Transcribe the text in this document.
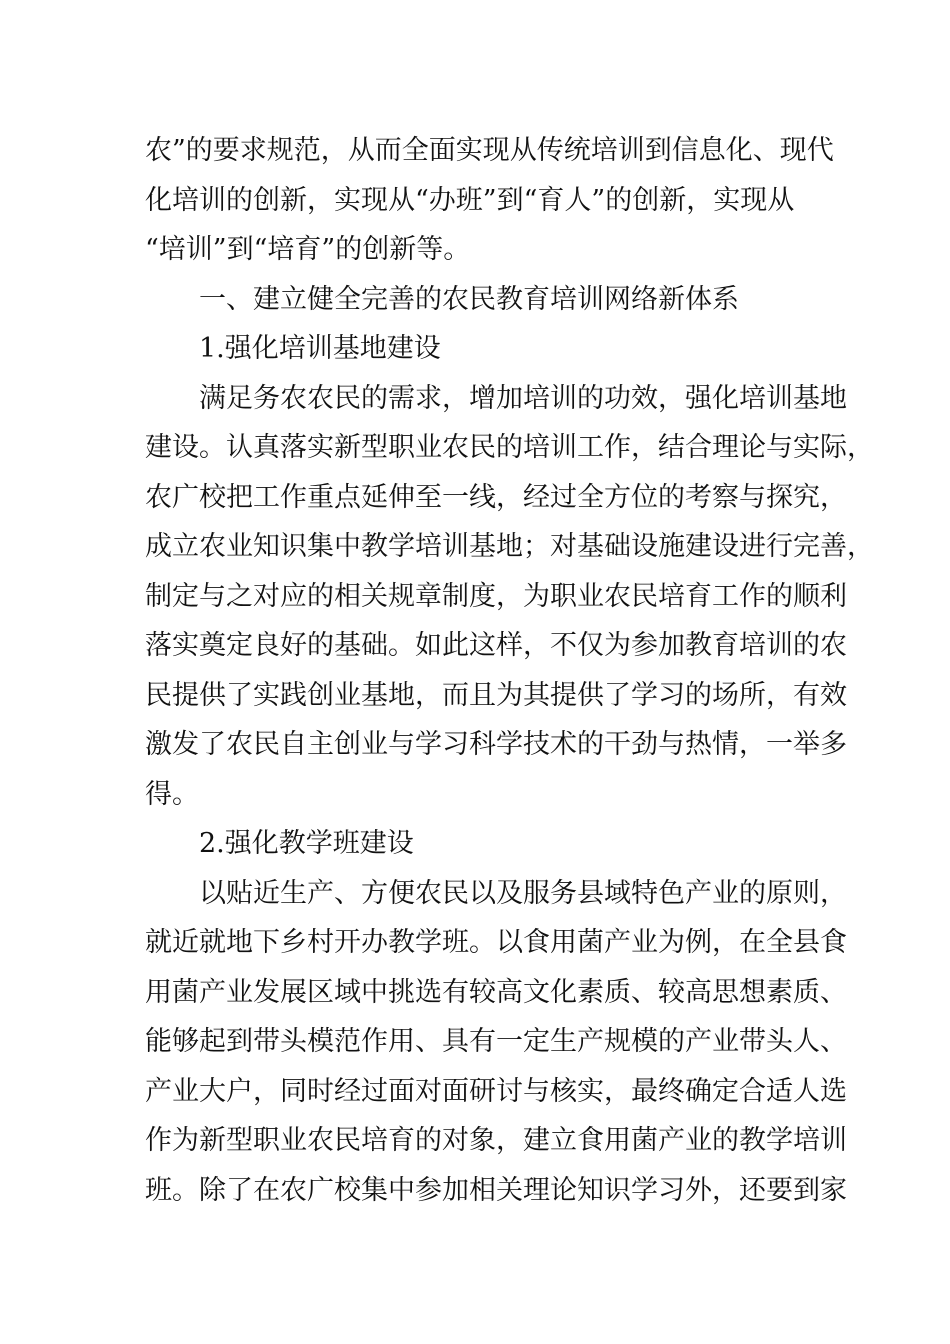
农”的要求规范，从而全面实现从传统培训到信息化、现代
化培训的创新，实现从“办班”到“育人”的创新，实现从
“培训”到“培育”的创新等。
一、建立健全完善的农民教育培训网络新体系
1.强化培训基地建设
满足务农农民的需求，增加培训的功效，强化培训基地
建设。认真落实新型职业农民的培训工作，结合理论与实际，
农广校把工作重点延伸至一线，经过全方位的考察与探究，
成立农业知识集中教学培训基地；对基础设施建设进行完善，
制定与之对应的相关规章制度，为职业农民培育工作的顺利
落实奠定良好的基础。如此这样，不仅为参加教育培训的农
民提供了实践创业基地，而且为其提供了学习的场所，有效
激发了农民自主创业与学习科学技术的干劲与热情，一举多
得。
2.强化教学班建设
以贴近生产、方便农民以及服务县域特色产业的原则，
就近就地下乡村开办教学班。以食用菌产业为例，在全县食
用菌产业发展区域中挑选有较高文化素质、较高思想素质、
能够起到带头模范作用、具有一定生产规模的产业带头人、
产业大户，同时经过面对面研讨与核实，最终确定合适人选
作为新型职业农民培育的对象，建立食用菌产业的教学培训
班。除了在农广校集中参加相关理论知识学习外，还要到家
